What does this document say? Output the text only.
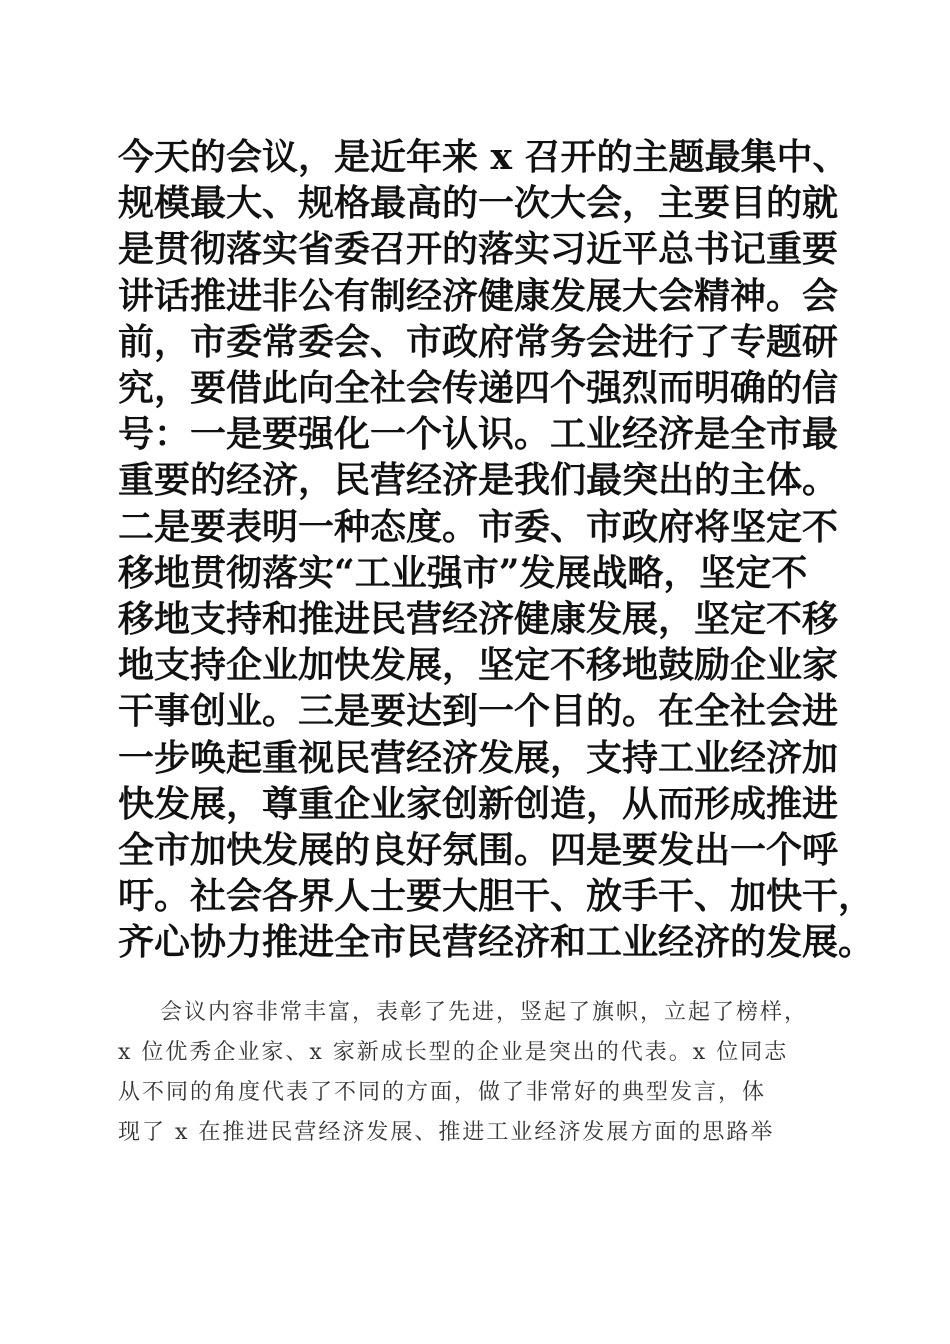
今天的会议，是近年来 x 召开的主题最集中、
规模最大、规格最高的一次大会，主要目的就
是贯彻落实省委召开的落实习近平总书记重要
讲话推进非公有制经济健康发展大会精神。会
前，市委常委会、市政府常务会进行了专题研
究，要借此向全社会传递四个强烈而明确的信
号：一是要强化一个认识。工业经济是全市最
重要的经济，民营经济是我们最突出的主体。
二是要表明一种态度。市委、市政府将坚定不
移地贯彻落实“工业强市”发展战略，坚定不
移地支持和推进民营经济健康发展，坚定不移
地支持企业加快发展，坚定不移地鼓励企业家
干事创业。三是要达到一个目的。在全社会进
一步唤起重视民营经济发展，支持工业经济加
快发展，尊重企业家创新创造，从而形成推进
全市加快发展的良好氛围。四是要发出一个呼
吁。社会各界人士要大胆干、放手干、加快干，
齐心协力推进全市民营经济和工业经济的发展。
会议内容非常丰富，表彰了先进，竖起了旗帜，立起了榜样，
x 位优秀企业家、x 家新成长型的企业是突出的代表。x 位同志
从不同的角度代表了不同的方面，做了非常好的典型发言，体
现了 x 在推进民营经济发展、推进工业经济发展方面的思路举
